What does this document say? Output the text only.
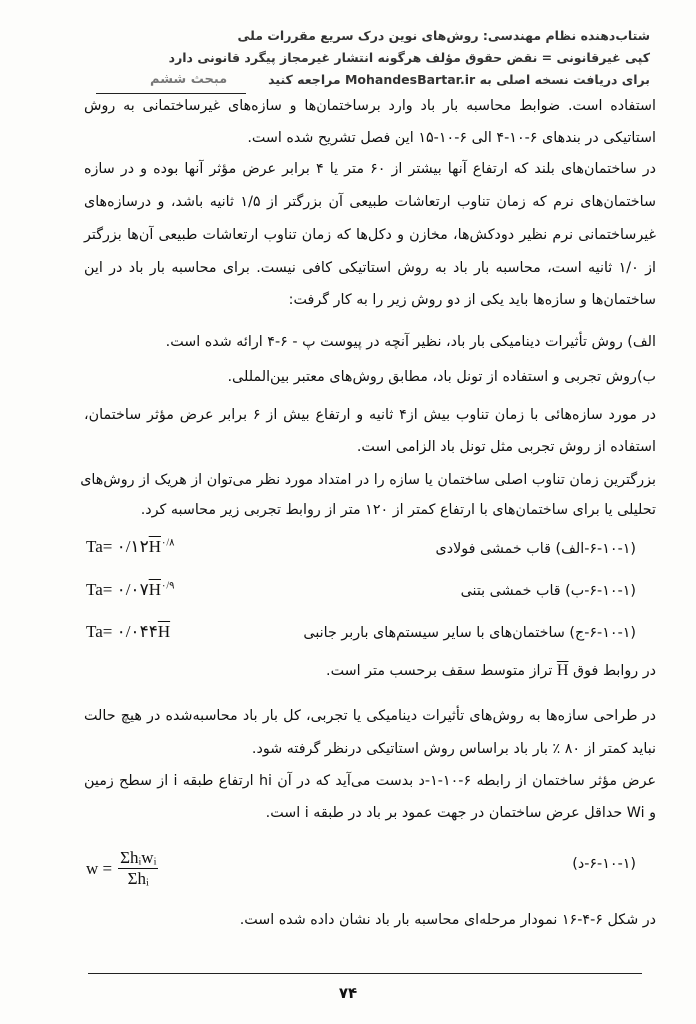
شتاب‌دهنده نظام مهندسی: روش‌های نوین درک سریع مقررات ملی
کپی غیرقانونی = نقض حقوق مؤلف هرگونه انتشار غیرمجاز پیگرد قانونی دارد
برای دریافت نسخه اصلی به MohandesBartar.ir مراجعه کنید
مبحث ششم
استفاده است. ضوابط محاسبه بار باد وارد برساختمان‌ها و سازه‌های غیرساختمانی به روش
استاتیکی در بندهای ۶-۱۰-۴ الی ۶-۱۰-۱۵ این فصل تشریح شده است.
در ساختمان‌های بلند که ارتفاع آنها بیشتر از ۶۰ متر یا ۴ برابر عرض مؤثر آنها بوده و در سازه
ساختمان‌های نرم که زمان تناوب ارتعاشات طبیعی آن بزرگتر از ۱/۵ ثانیه باشد، و درسازه‌های
غیرساختمانی نرم نظیر دودکش‌ها، مخازن و دکل‌ها که زمان تناوب ارتعاشات طبیعی آن‌ها بزرگتر
از ۱/۰ ثانیه است، محاسبه بار باد به روش استاتیکی کافی نیست. برای محاسبه بار باد در این
ساختمان‌ها و سازه‌ها باید یکی از دو روش زیر را به کار گرفت:
الف) روش تأثیرات دینامیکی بار باد، نظیر آنچه در پیوست پ - ۶-۴ ارائه شده است.
ب)روش تجربی و استفاده از تونل باد، مطابق روش‌های معتبر بین‌المللی.
در مورد سازه‌هائی با زمان تناوب بیش از۴ ثانیه و ارتفاع بیش از ۶ برابر عرض مؤثر ساختمان،
استفاده از روش تجربی مثل تونل باد الزامی است.
بزرگترین زمان تناوب اصلی ساختمان یا سازه را در امتداد مورد نظر می‌توان از هریک از روش‌های
تحلیلی یا برای ساختمان‌های با ارتفاع کمتر از ۱۲۰ متر از روابط تجربی زیر محاسبه کرد.
$Ta= ۰/۱۲\overline{H}^{۰/۸}$	(۶-۱۰-۱-الف) قاب خمشی فولادی
$Ta= ۰/۰۷\overline{H}^{۰/۹}$	(۶-۱۰-۱-ب) قاب خمشی بتنی
$Ta= ۰/۰۴۴\overline{H}$	(۶-۱۰-۱-ج) ساختمان‌های با سایر سیستم‌های باربر جانبی
در روابط فوق H تراز متوسط سقف برحسب متر است.
در طراحی سازه‌ها به روش‌های تأثیرات دینامیکی یا تجربی، کل بار باد محاسبه‌شده در هیچ حالت
نباید کمتر از ۸۰ ٪ بار باد براساس روش استاتیکی درنظر گرفته شود.
عرض مؤثر ساختمان از رابطه ۶-۱۰-۱-د بدست می‌آید که در آن hi ارتفاع طبقه i از سطح زمین
و Wi حداقل عرض ساختمان در جهت عمود بر باد در طبقه i است.
w =
Σhᵢwᵢ
Σhᵢ
(۶-۱۰-۱-د)
در شکل ۶-۴-۱۶ نمودار مرحله‌ای محاسبه بار باد نشان داده شده است.
۷۴
